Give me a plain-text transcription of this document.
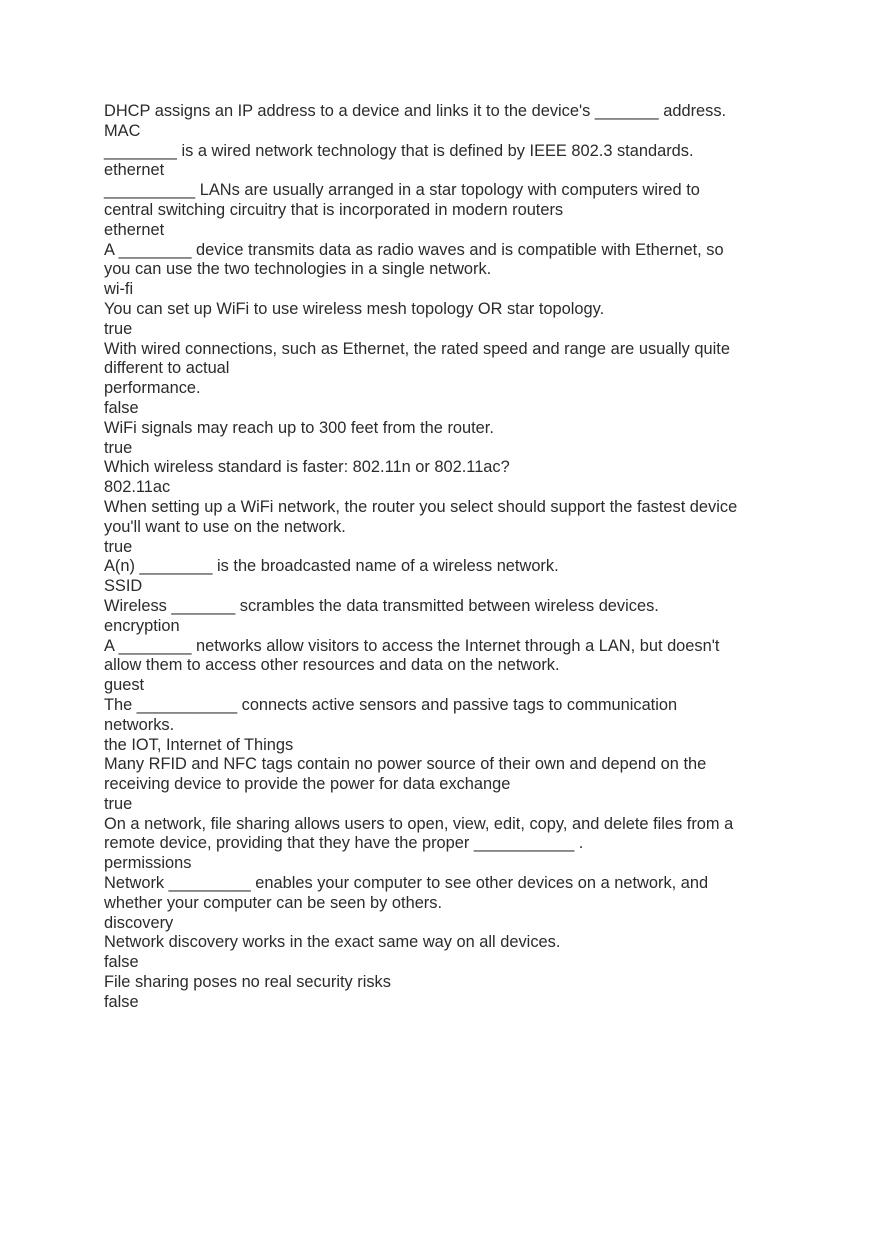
DHCP assigns an IP address to a device and links it to the device's _______ address.

MAC

________ is a wired network technology that is defined by IEEE 802.3 standards.

ethernet

__________ LANs are usually arranged in a star topology with computers wired to

central switching circuitry that is incorporated in modern routers

ethernet

A ________ device transmits data as radio waves and is compatible with Ethernet, so

you can use the two technologies in a single network.

wi-fi

You can set up WiFi to use wireless mesh topology OR star topology.

true

With wired connections, such as Ethernet, the rated speed and range are usually quite

different to actual

performance.

false

WiFi signals may reach up to 300 feet from the router.

true

Which wireless standard is faster: 802.11n or 802.11ac?

802.11ac

When setting up a WiFi network, the router you select should support the fastest device

you'll want to use on the network.

true

A(n) ________ is the broadcasted name of a wireless network.

SSID

Wireless _______ scrambles the data transmitted between wireless devices.

encryption

A ________ networks allow visitors to access the Internet through a LAN, but doesn't

allow them to access other resources and data on the network.

guest

The ___________ connects active sensors and passive tags to communication

networks.

the IOT, Internet of Things

Many RFID and NFC tags contain no power source of their own and depend on the

receiving device to provide the power for data exchange

true

On a network, file sharing allows users to open, view, edit, copy, and delete files from a

remote device, providing that they have the proper ___________ .

permissions

Network _________ enables your computer to see other devices on a network, and

whether your computer can be seen by others.

discovery

Network discovery works in the exact same way on all devices.

false

File sharing poses no real security risks

false
